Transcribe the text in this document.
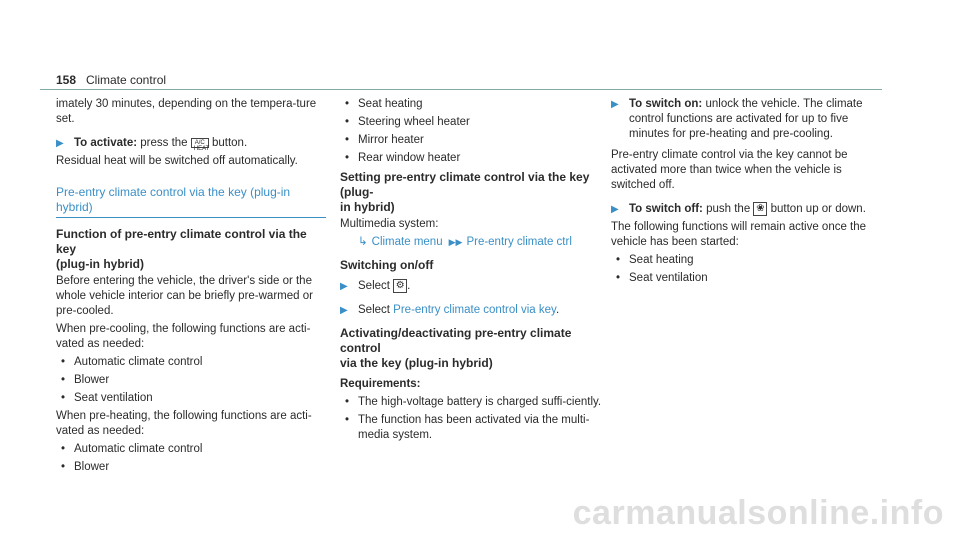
158 Climate control

imately 30 minutes, depending on the tempera-ture set.

▶ To activate: press the A/C
HEAT button.

Residual heat will be switched off automatically.

Pre-entry climate control via the key (plug-in
hybrid)
Function of pre-entry climate control via the key
(plug-in hybrid)

Before entering the vehicle, the driver's side or the whole vehicle interior can be briefly pre-warmed or pre-cooled.

When pre-cooling, the following functions are acti-vated as needed:

• Automatic climate control
• Blower
• Seat ventilation

When pre-heating, the following functions are acti-vated as needed:

• Automatic climate control
• Blower
• Seat heating
• Steering wheel heater
• Mirror heater
• Rear window heater
Setting pre-entry climate control via the key (plug-
in hybrid)

Multimedia system:

↳ Climate menu ▶▶ Pre-entry climate ctrl

Switching on/off
▶ Select ⚙ .
▶ Select Pre-entry climate control via key.
Activating/deactivating pre-entry climate control
via the key (plug-in hybrid)

Requirements:

• The high-voltage battery is charged suffi-ciently.
• The function has been activated via the multi-media system.
▶ To switch on: unlock the vehicle. The climate control functions are activated for up to five minutes for pre-heating and pre-cooling.

Pre-entry climate control via the key cannot be activated more than twice when the vehicle is switched off.

▶ To switch off: push the ❀ button up or down.

The following functions will remain active once the vehicle has been started:

• Seat heating
• Seat ventilation
carmanualsonline.info
